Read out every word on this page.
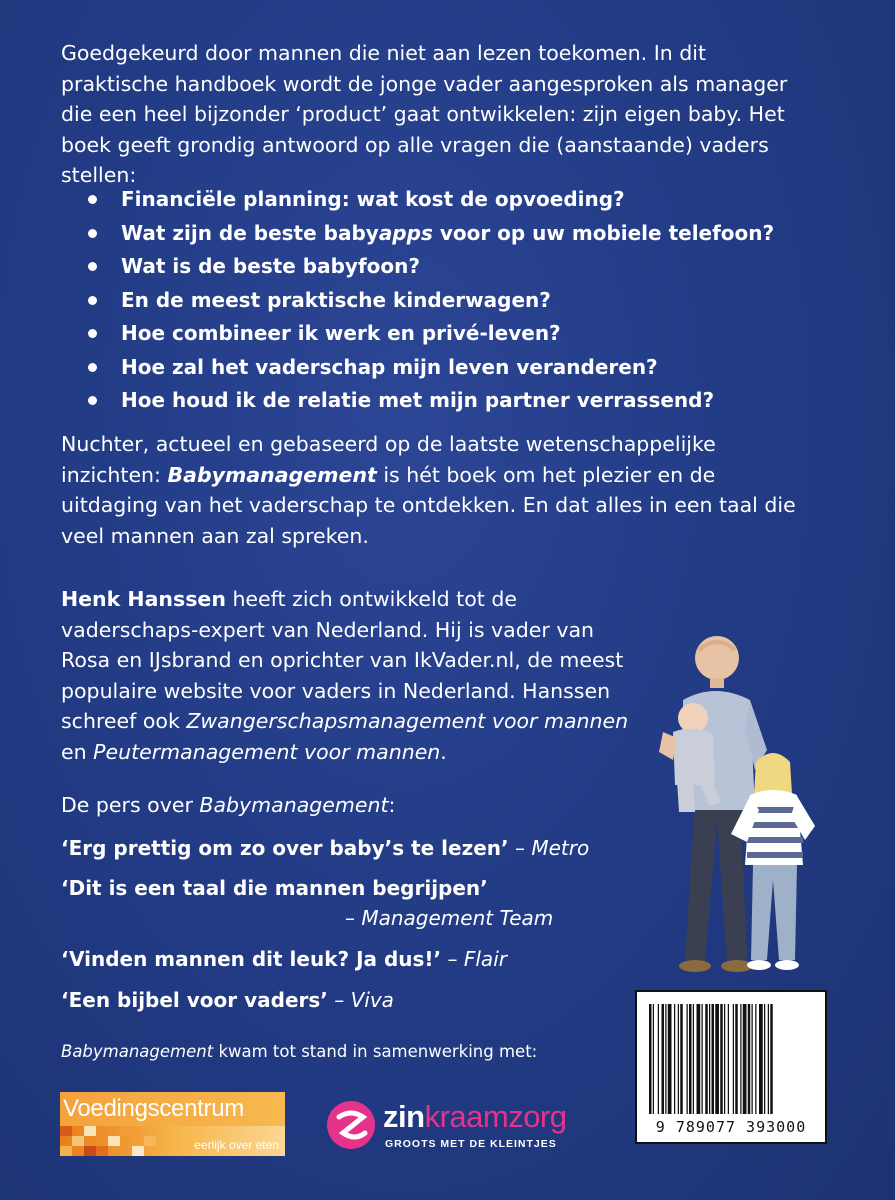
Goedgekeurd door mannen die niet aan lezen toekomen. In dit praktische handboek wordt de jonge vader aangesproken als manager die een heel bijzonder ‘product’ gaat ontwikkelen: zijn eigen baby. Het boek geeft grondig antwoord op alle vragen die (aanstaande) vaders stellen:
Financiële planning: wat kost de opvoeding?
Wat zijn de beste babyapps voor op uw mobiele telefoon?
Wat is de beste babyfoon?
En de meest praktische kinderwagen?
Hoe combineer ik werk en privé-leven?
Hoe zal het vaderschap mijn leven veranderen?
Hoe houd ik de relatie met mijn partner verrassend?
Nuchter, actueel en gebaseerd op de laatste wetenschappelijke inzichten: Babymanagement is hét boek om het plezier en de uitdaging van het vaderschap te ontdekken. En dat alles in een taal die veel mannen aan zal spreken.
Henk Hanssen heeft zich ontwikkeld tot de vaderschaps-expert van Nederland. Hij is vader van Rosa en IJsbrand en oprichter van IkVader.nl, de meest populaire website voor vaders in Nederland. Hanssen schreef ook Zwangerschapsmanagement voor mannen en Peutermanagement voor mannen.
De pers over Babymanagement:
‘Erg prettig om zo over baby’s te lezen’ – Metro
‘Dit is een taal die mannen begrijpen’
– Management Team
‘Vinden mannen dit leuk? Ja dus!’ – Flair
‘Een bijbel voor vaders’ – Viva
Babymanagement kwam tot stand in samenwerking met:
9 789077 393000
Voedingscentrum
eerlijk over eten
zinkraamzorg
GROOTS MET DE KLEINTJES
